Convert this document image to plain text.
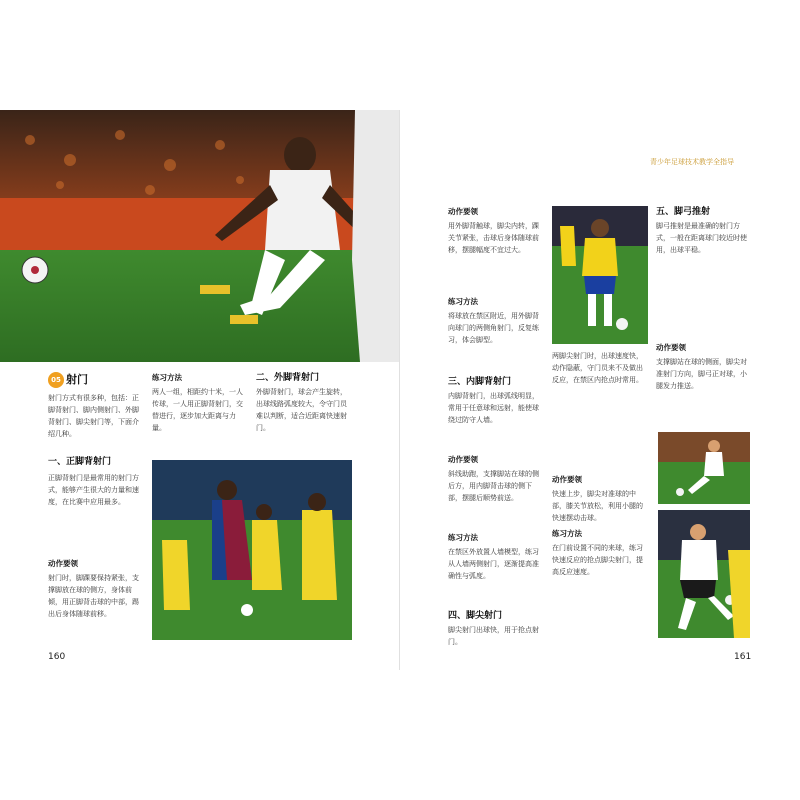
05 射门
射门方式有很多种，包括：正脚背射门、脚内侧射门、外脚背射门、脚尖射门等，下面介绍几种。
一、正脚背射门
正脚背射门是最常用的射门方式，能够产生很大的力量和速度，在比赛中应用最多。
动作要领
射门时，脚踝要保持紧张，支撑脚放在球的侧方，身体前倾，用正脚背击球的中部，踢出后身体随球前移。
练习方法
两人一组，相距约十米，一人传球，一人用正脚背射门，交替进行，逐步加大距离与力量。
二、外脚背射门
外脚背射门，球会产生旋转，出球线路弧度较大，令守门员难以判断，适合近距离快速射门。
160
青少年足球技术教学全指导
动作要领
用外脚背触球，脚尖内转，踝关节紧张，击球后身体随球前移，摆腿幅度不宜过大。
练习方法
将球放在禁区附近，用外脚背向球门的两侧角射门，反复练习，体会脚型。
三、内脚背射门
内脚背射门，出球弧线明显，常用于任意球和远射，能使球绕过防守人墙。
动作要领
斜线助跑，支撑脚站在球的侧后方，用内脚背击球的侧下部，摆腿后顺势前送。
练习方法
在禁区外放置人墙模型，练习从人墙两侧射门，逐渐提高准确性与弧度。
四、脚尖射门
脚尖射门出球快，用于抢点射门。
两脚尖射门时，出球速度快，动作隐蔽，守门员来不及做出反应，在禁区内抢点时常用。
动作要领
快速上步，脚尖对准球的中部，膝关节放松，利用小腿的快速摆动击球。
练习方法
在门前设置不同的来球，练习快速反应的抢点脚尖射门，提高反应速度。
五、脚弓推射
脚弓推射是最准确的射门方式，一般在距离球门较近时使用，出球平稳。
动作要领
支撑脚站在球的侧面，脚尖对准射门方向，脚弓正对球，小腿发力推送。
161
